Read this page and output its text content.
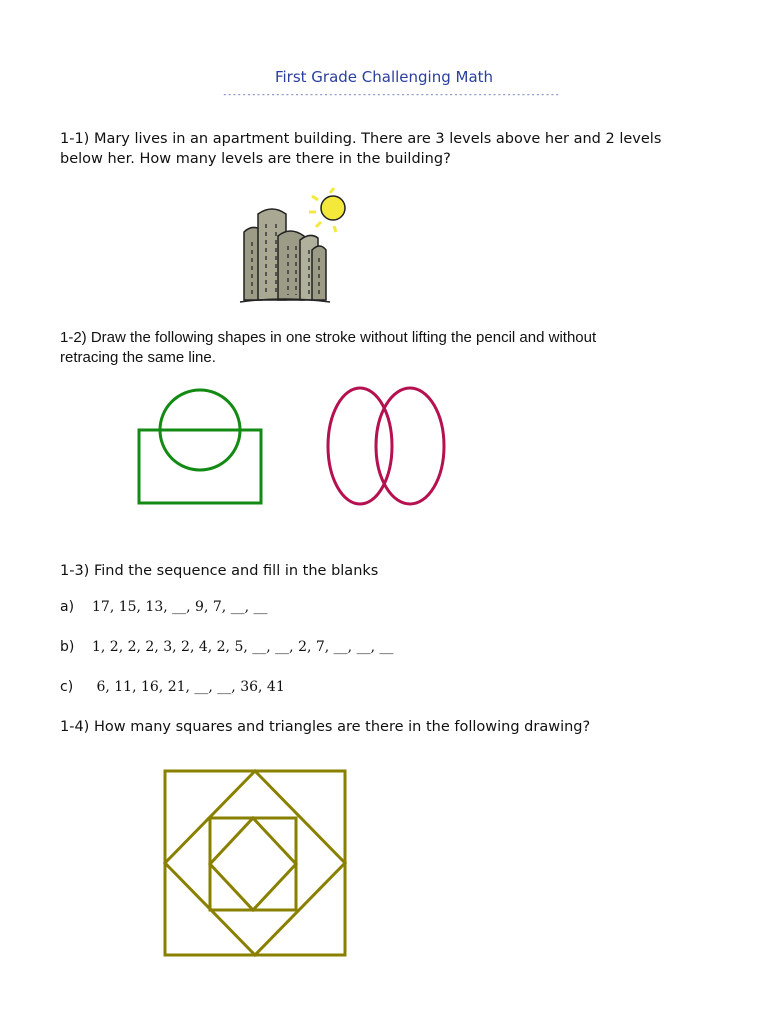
First Grade Challenging Math
----------------------------------------------------------------------
1-1) Mary lives in an apartment building. There are 3 levels above her and 2 levels
below her. How many levels are there in the building?
1-2) Draw the following shapes in one stroke without lifting the pencil and without
retracing the same line.
1-3) Find the sequence and fill in the blanks
a) 17, 15, 13, __, 9, 7, __, __
b) 1, 2, 2, 2, 3, 2, 4, 2, 5, __, __, 2, 7, __, __, __
c) 6, 11, 16, 21, __, __, 36, 41
1-4) How many squares and triangles are there in the following drawing?
